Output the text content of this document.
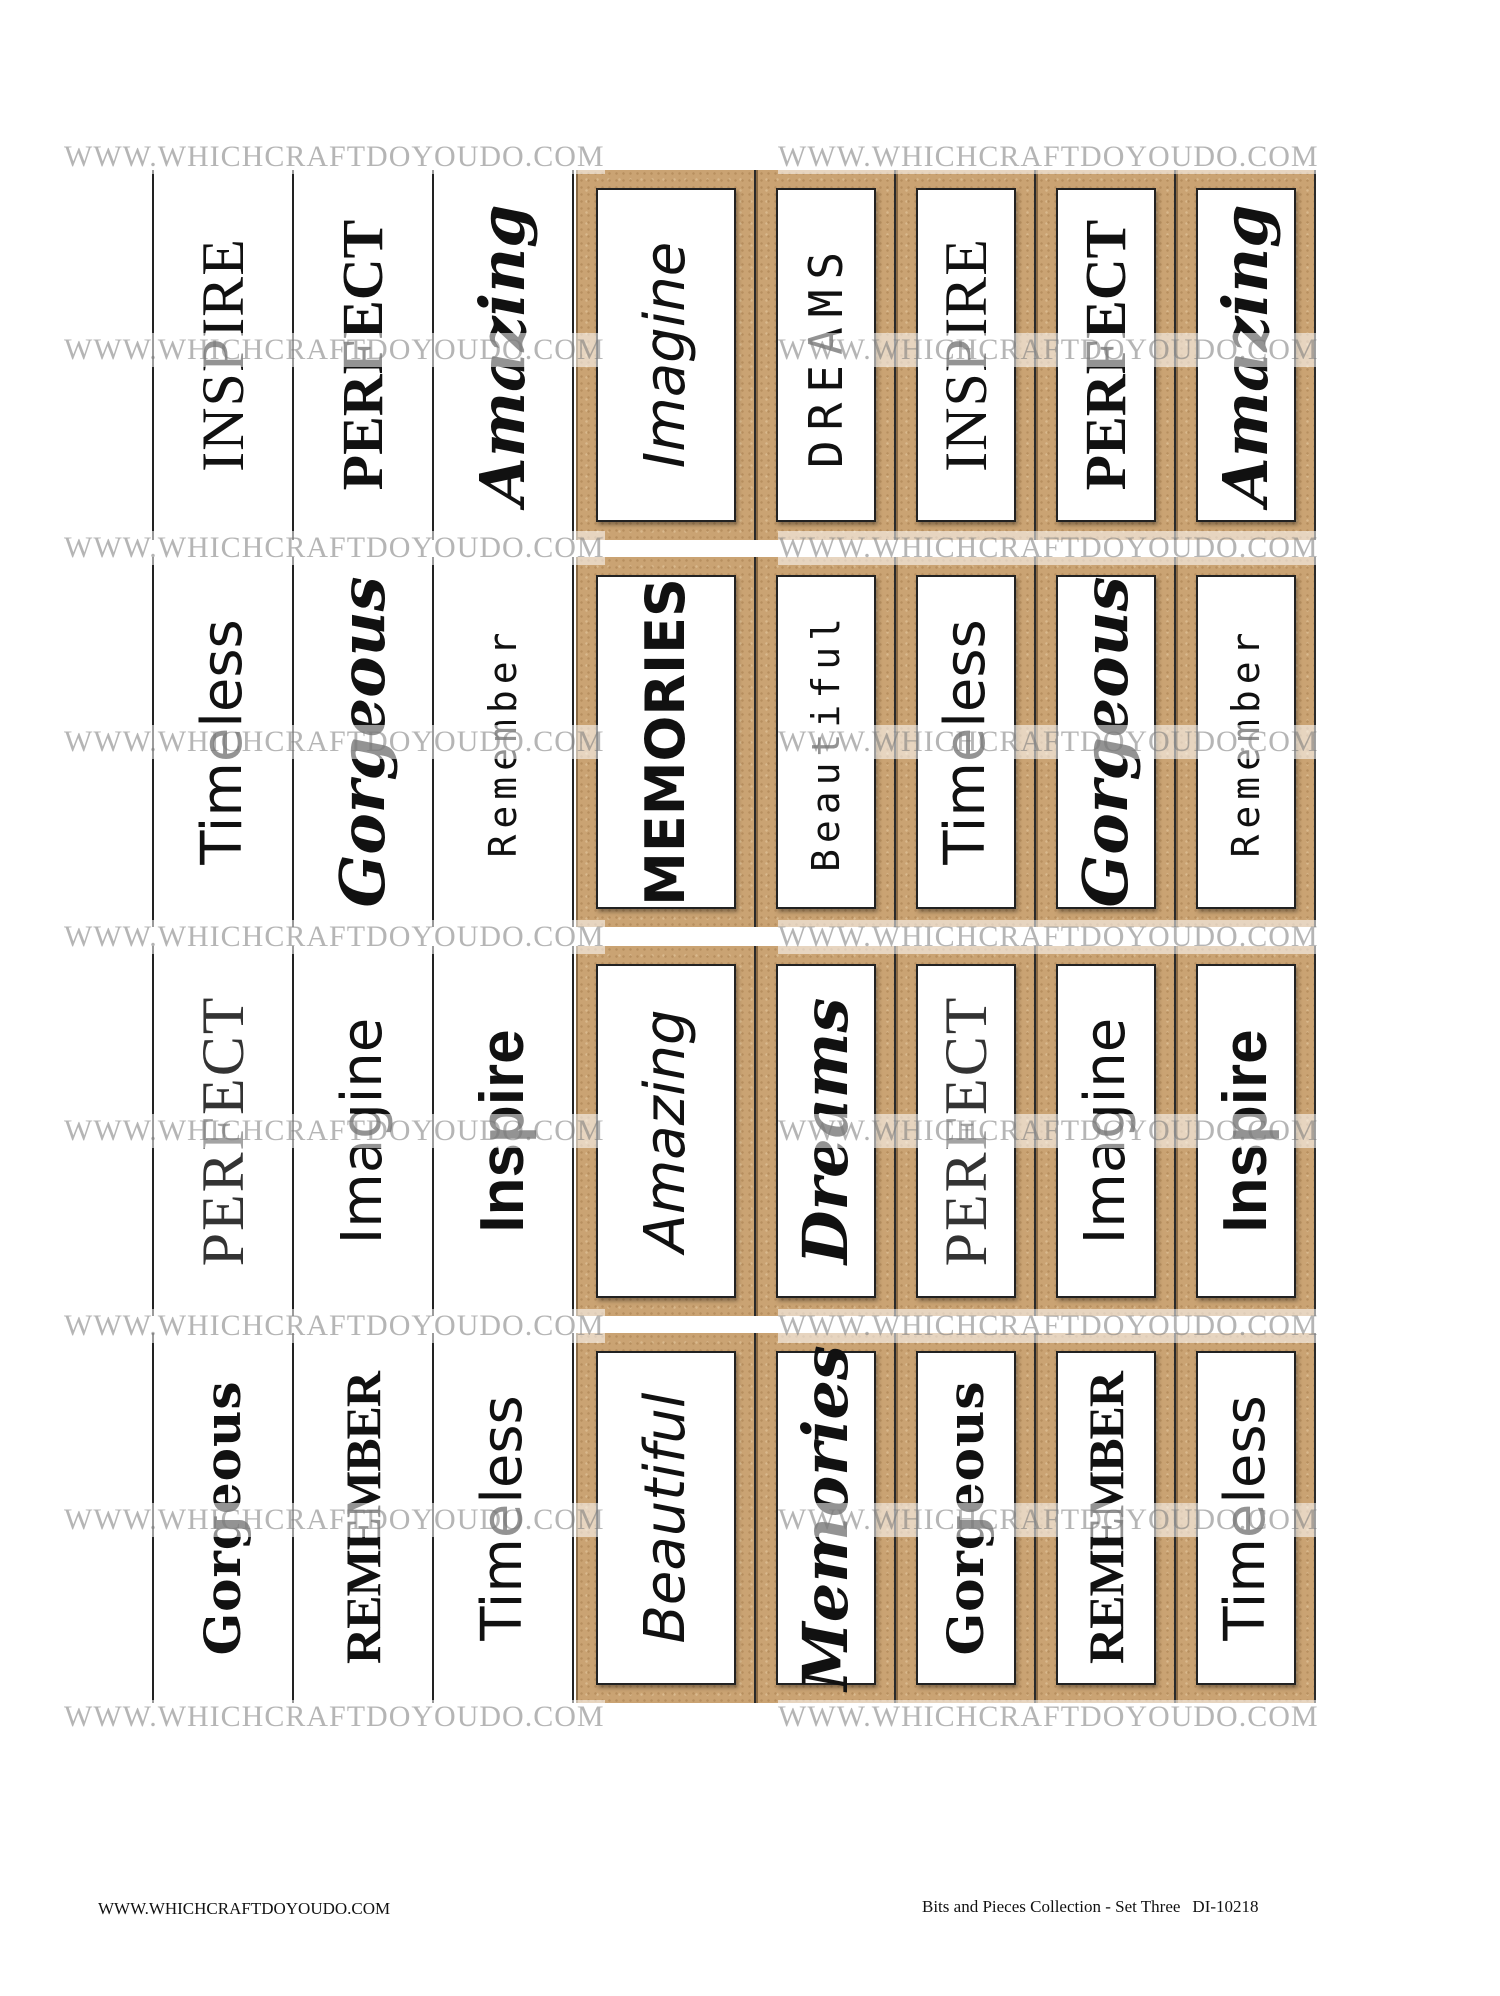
Imagine
MEMORIES
Amazing
Beautiful
WWW.WHICHCRAFTDOYOUDO.COM	WWW.WHICHCRAFTDOYOUDO.COM
WWW.WHICHCRAFTDOYOUDO.COM	WWW.WHICHCRAFTDOYOUDO.COM
WWW.WHICHCRAFTDOYOUDO.COM	WWW.WHICHCRAFTDOYOUDO.COM
WWW.WHICHCRAFTDOYOUDO.COM	WWW.WHICHCRAFTDOYOUDO.COM
WWW.WHICHCRAFTDOYOUDO.COM	WWW.WHICHCRAFTDOYOUDO.COM
WWW.WHICHCRAFTDOYOUDO.COM	WWW.WHICHCRAFTDOYOUDO.COM
WWW.WHICHCRAFTDOYOUDO.COM	WWW.WHICHCRAFTDOYOUDO.COM
WWW.WHICHCRAFTDOYOUDO.COM	WWW.WHICHCRAFTDOYOUDO.COM
WWW.WHICHCRAFTDOYOUDO.COM	WWW.WHICHCRAFTDOYOUDO.COM
WWW.WHICHCRAFTDOYOUDO.COM	Bits and Pieces Collection - Set Three DI-10218
